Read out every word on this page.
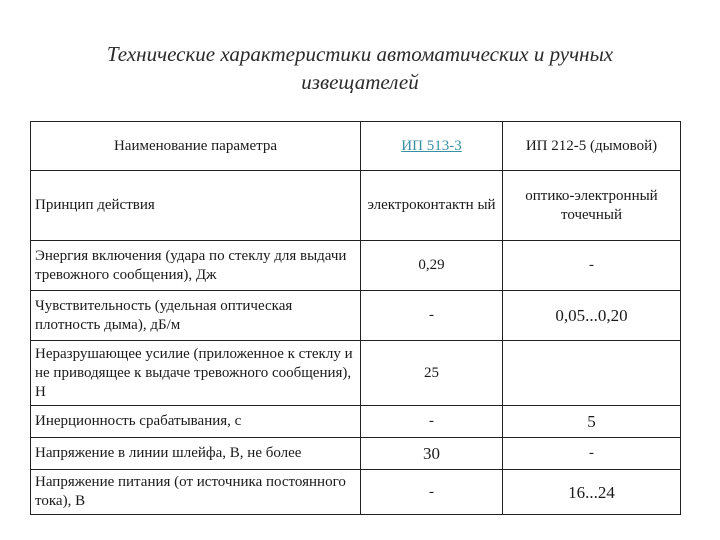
Технические характеристики автоматических и ручных
извещателей
Наименование параметра	ИП 513-3	ИП 212-5 (дымовой)
Принцип действия	электроконтактн ый	оптико-электронный точечный
Энергия включения (удара по стеклу для выдачи тревожного сообщения), Дж	0,29	-
Чувствительность (удельная оптическая плотность дыма), дБ/м	-	0,05...0,20
Неразрушающее усилие (приложенное к стеклу и не приводящее к выдаче тревожного сообщения), Н	25	
Инерционность срабатывания, с	-	5
Напряжение в линии шлейфа, В, не более	30	-
Напряжение питания (от источника постоянного тока), В	-	16...24
